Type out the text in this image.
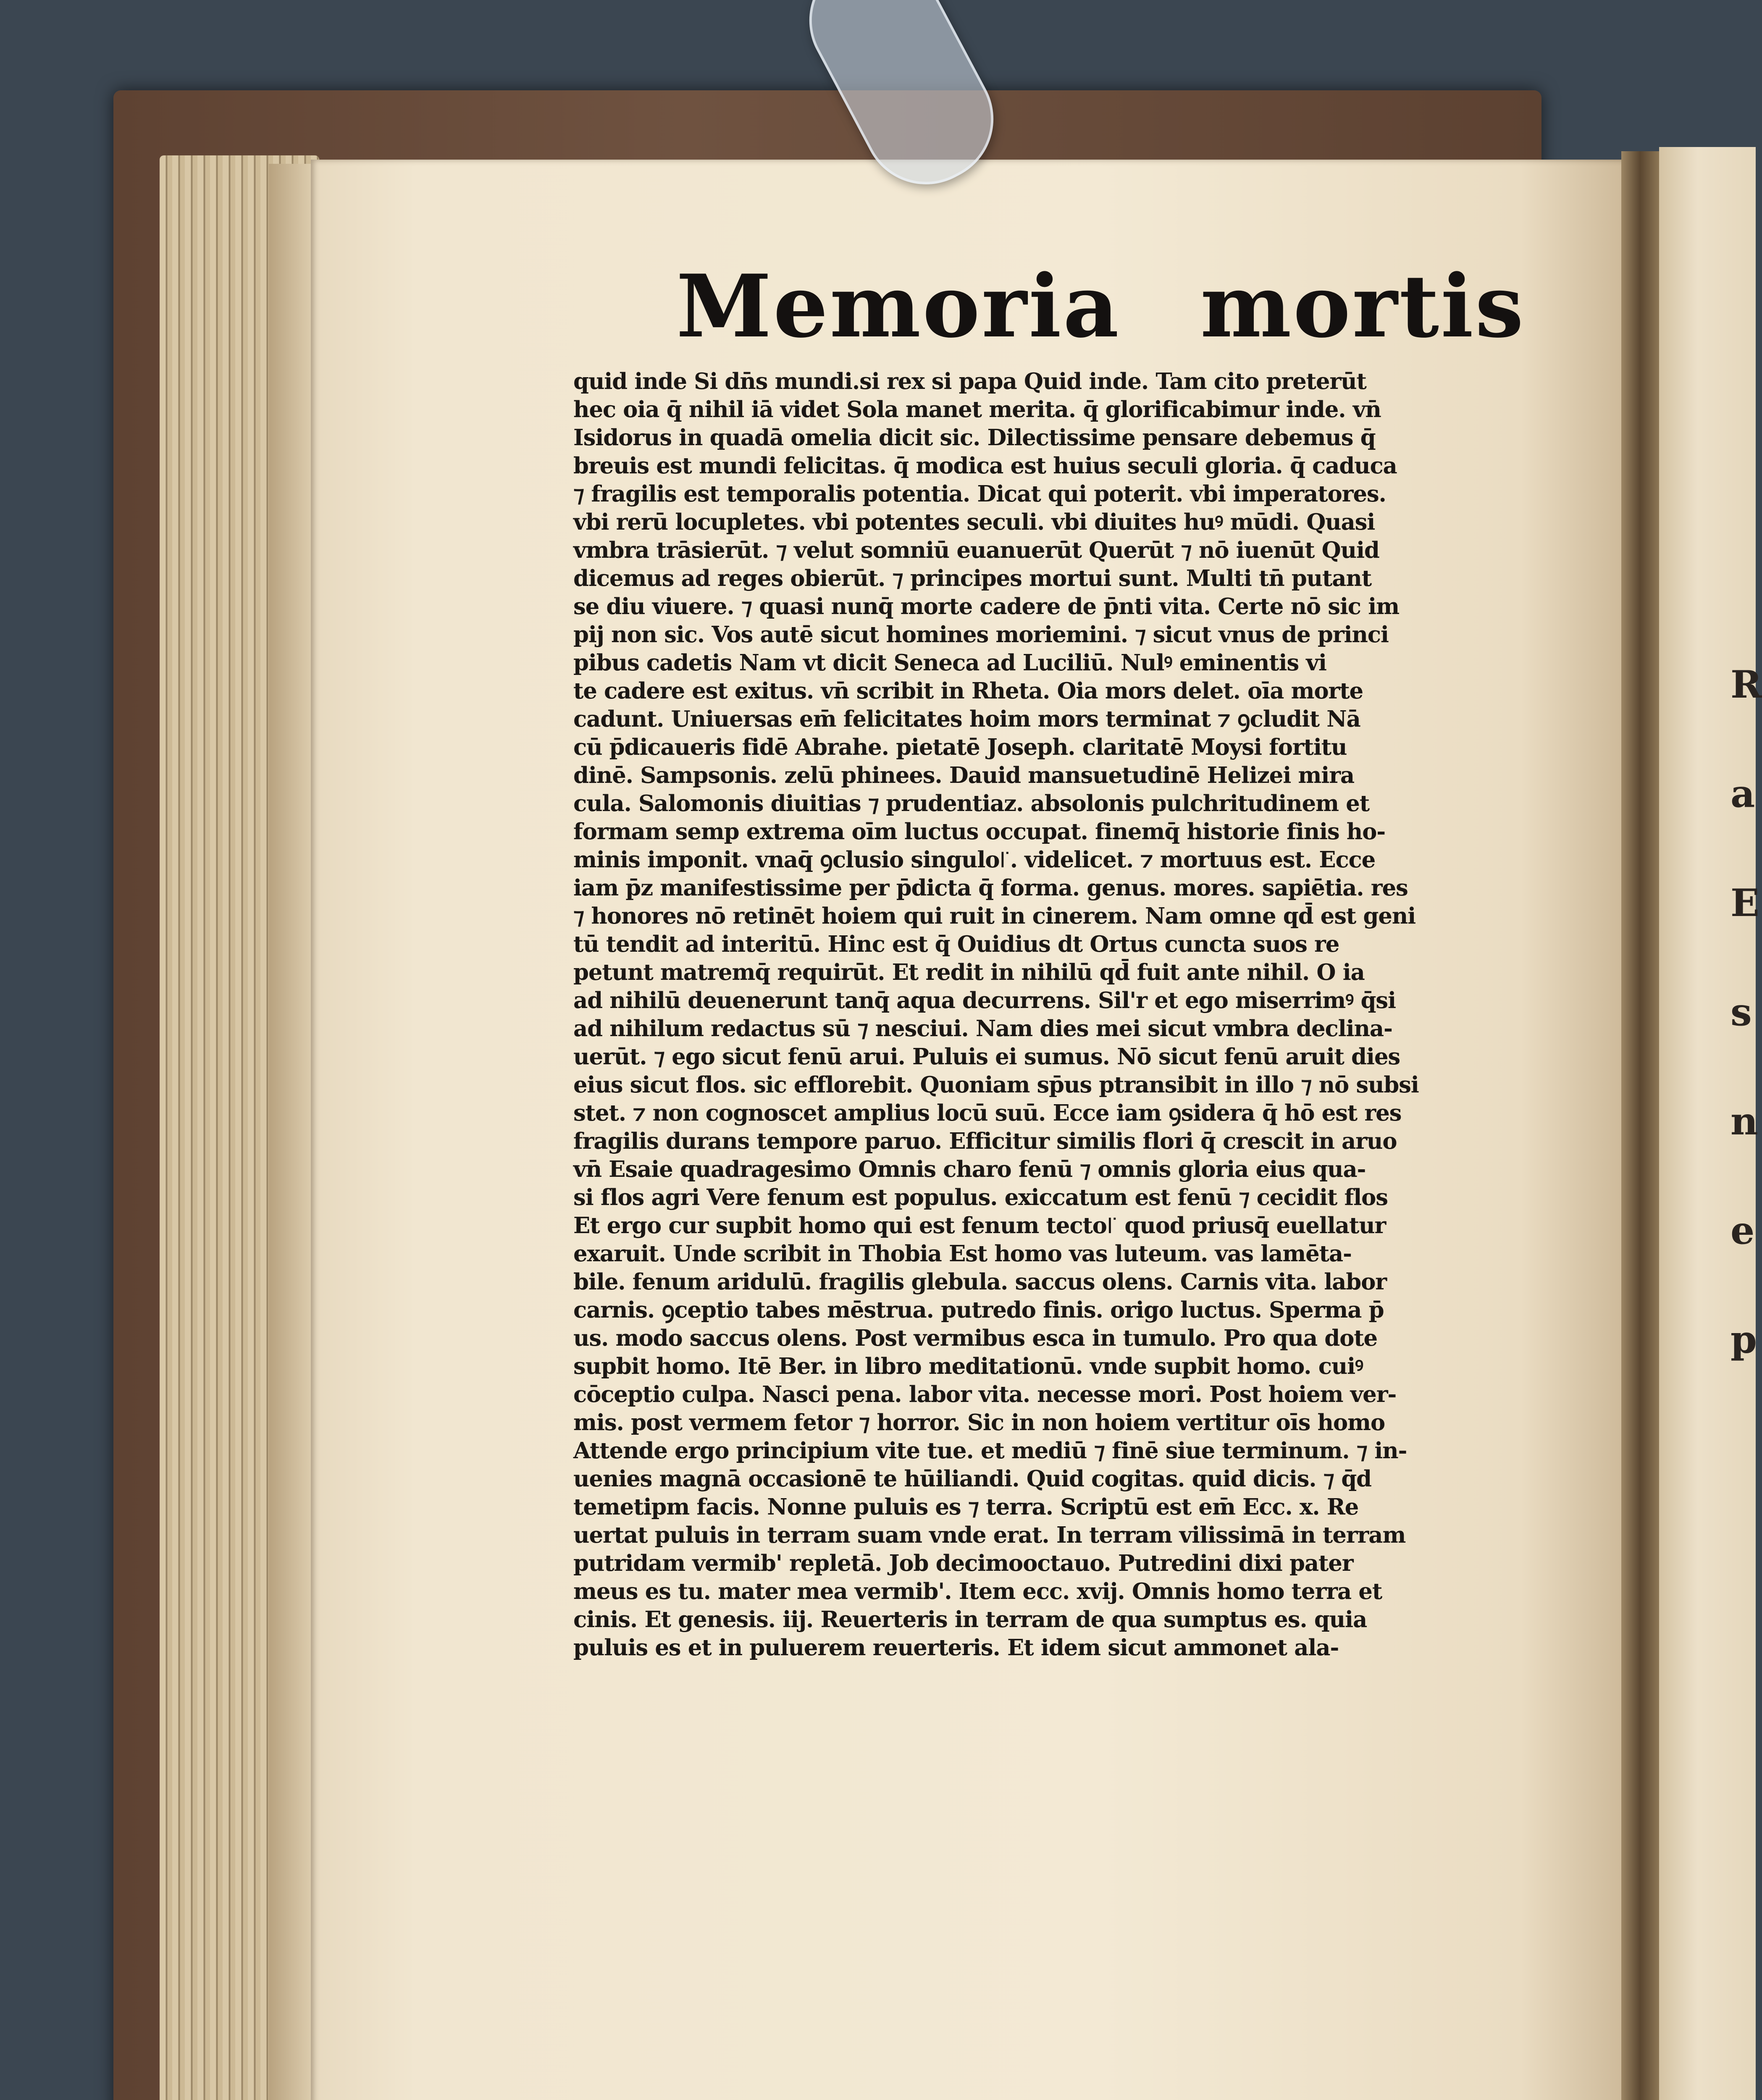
R
a
E
s
n
e
p
Memoria mortis
quid inde Si dn̄s mundi.si rex si papa Quid inde. Tam cito preterūt
hec oia q̄ nihil iā videt Sola manet merita. q̄ glorificabimur inde. vn̄
Isidorus in quadā omelia dicit sic. Dilectissime pensare debemus q̄
breuis est mundi felicitas. q̄ modica est huius seculi gloria. q̄ caduca
⁊ fragilis est temporalis potentia. Dicat qui poterit. vbi imperatores.
vbi rerū locupletes. vbi potentes seculi. vbi diuites huꝰ mūdi. Quasi
vmbra trāsierūt. ⁊ velut somniū euanuerūt Querūt ⁊ nō iuenūt Quid
dicemus ad reges obierūt. ⁊ principes mortui sunt. Multi tn̄ putant
se diu viuere. ⁊ quasi nunq̄ morte cadere de p̄nti vita. Certe nō sic im
pij non sic. Vos autē sicut homines moriemini. ⁊ sicut vnus de princi
pibus cadetis Nam vt dicit Seneca ad Luciliū. Nulꝰ eminentis vi
te cadere est exitus. vn̄ scribit in Rheta. Oia mors delet. oīa morte
cadunt. Uniuersas em̄ felicitates hoim mors terminat ⁊ ꝯcludit Nā
cū p̄dicaueris fidē Abrahe. pietatē Joseph. claritatē Moysi fortitu
dinē. Sampsonis. zelū phinees. Dauid mansuetudinē Helizei mira
cula. Salomonis diuitias ⁊ prudentiaz. absolonis pulchritudinem et
formam semp extrema oīm luctus occupat. finemq̄ historie finis ho-
minis imponit. vnaq̄ ꝯclusio singulo꜍. videlicet. ⁊ mortuus est. Ecce
iam p̄z manifestissime per p̄dicta q̄ forma. genus. mores. sapiētia. res
⁊ honores nō retinēt hoiem qui ruit in cinerem. Nam omne qd̄ est geni
tū tendit ad interitū. Hinc est q̄ Ouidius dt Ortus cuncta suos re
petunt matremq̄ requirūt. Et redit in nihilū qd̄ fuit ante nihil. O ia
ad nihilū deuenerunt tanq̄ aqua decurrens. Sil'r et ego miserrimꝰ q̄si
ad nihilum redactus sū ⁊ nesciui. Nam dies mei sicut vmbra declina-
uerūt. ⁊ ego sicut fenū arui. Puluis ei sumus. Nō sicut fenū aruit dies
eius sicut flos. sic efflorebit. Quoniam sp̄us ptransibit in illo ⁊ nō subsi
stet. ⁊ non cognoscet amplius locū suū. Ecce iam ꝯsidera q̄ hō est res
fragilis durans tempore paruo. Efficitur similis flori q̄ crescit in aruo
vn̄ Esaie quadragesimo Omnis charo fenū ⁊ omnis gloria eius qua-
si flos agri Vere fenum est populus. exiccatum est fenū ⁊ cecidit flos
Et ergo cur supbit homo qui est fenum tecto꜍ quod priusq̄ euellatur
exaruit. Unde scribit in Thobia Est homo vas luteum. vas lamēta-
bile. fenum aridulū. fragilis glebula. saccus olens. Carnis vita. labor
carnis. ꝯceptio tabes mēstrua. putredo finis. origo luctus. Sperma p̄
us. modo saccus olens. Post vermibus esca in tumulo. Pro qua dote
supbit homo. Itē Ber. in libro meditationū. vnde supbit homo. cuiꝰ
cōceptio culpa. Nasci pena. labor vita. necesse mori. Post hoiem ver-
mis. post vermem fetor ⁊ horror. Sic in non hoiem vertitur oīs homo
Attende ergo principium vite tue. et mediū ⁊ finē siue terminum. ⁊ in-
uenies magnā occasionē te hūiliandi. Quid cogitas. quid dicis. ⁊ q̄d
temetipm facis. Nonne puluis es ⁊ terra. Scriptū est em̄ Ecc. x. Re
uertat puluis in terram suam vnde erat. In terram vilissimā in terram
putridam vermib' repletā. Job decimooctauo. Putredini dixi pater
meus es tu. mater mea vermib'. Item ecc. xvij. Omnis homo terra et
cinis. Et genesis. iij. Reuerteris in terram de qua sumptus es. quia
puluis es et in puluerem reuerteris. Et idem sicut ammonet ala-
